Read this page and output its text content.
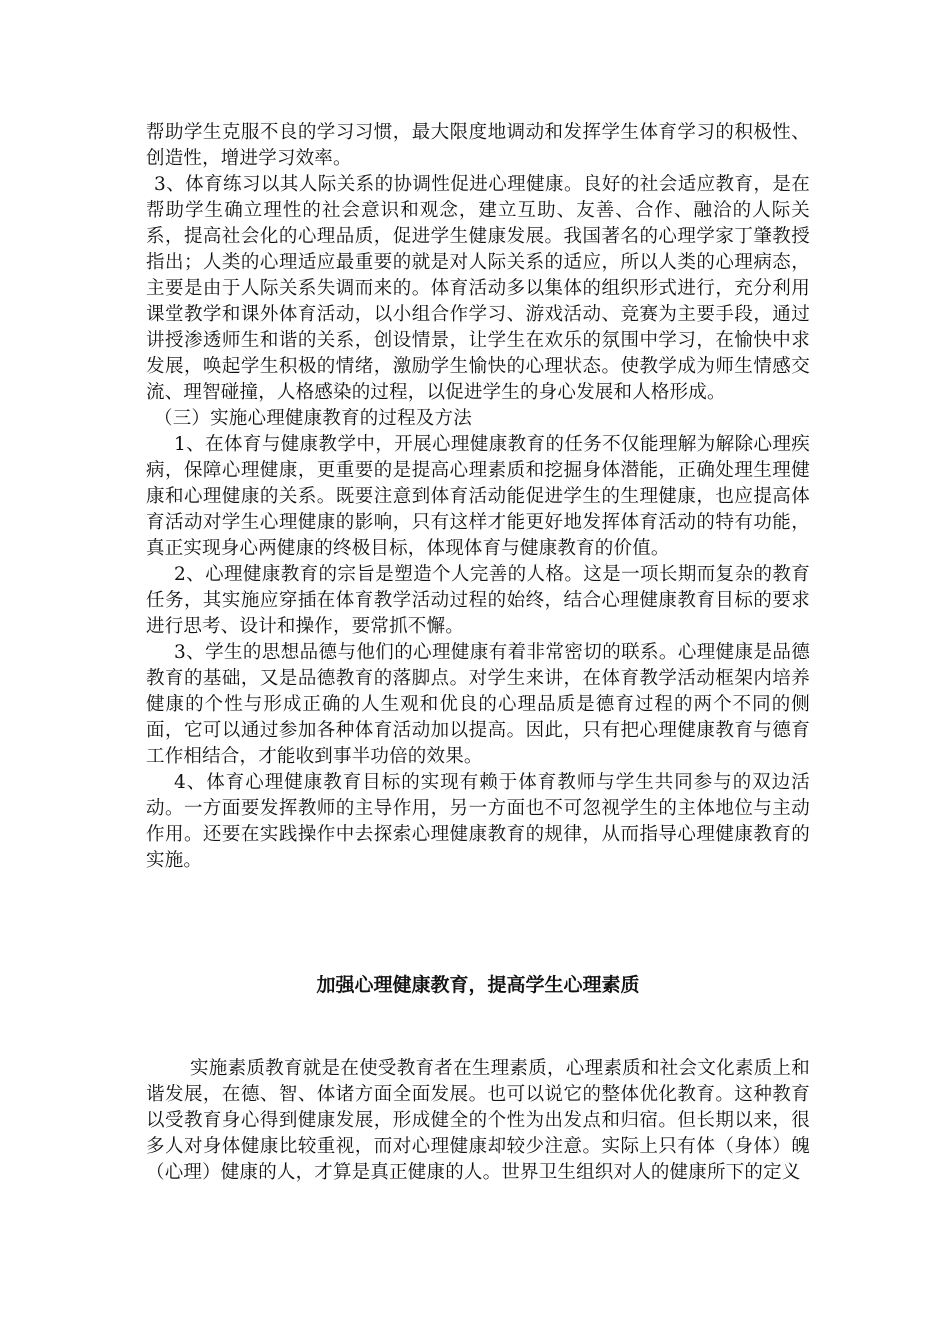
帮助学生克服不良的学习习惯，最大限度地调动和发挥学生体育学习的积极性、创造性，增进学习效率。

3、体育练习以其人际关系的协调性促进心理健康。良好的社会适应教育，是在帮助学生确立理性的社会意识和观念，建立互助、友善、合作、融洽的人际关系，提高社会化的心理品质，促进学生健康发展。我国著名的心理学家丁肇教授指出；人类的心理适应最重要的就是对人际关系的适应，所以人类的心理病态，主要是由于人际关系失调而来的。体育活动多以集体的组织形式进行，充分利用课堂教学和课外体育活动，以小组合作学习、游戏活动、竞赛为主要手段，通过讲授渗透师生和谐的关系，创设情景，让学生在欢乐的氛围中学习，在愉快中求发展，唤起学生积极的情绪，激励学生愉快的心理状态。使教学成为师生情感交流、理智碰撞，人格感染的过程，以促进学生的身心发展和人格形成。

（三）实施心理健康教育的过程及方法

1、在体育与健康教学中，开展心理健康教育的任务不仅能理解为解除心理疾病，保障心理健康，更重要的是提高心理素质和挖掘身体潜能，正确处理生理健康和心理健康的关系。既要注意到体育活动能促进学生的生理健康，也应提高体育活动对学生心理健康的影响，只有这样才能更好地发挥体育活动的特有功能，真正实现身心两健康的终极目标，体现体育与健康教育的价值。

2、心理健康教育的宗旨是塑造个人完善的人格。这是一项长期而复杂的教育任务，其实施应穿插在体育教学活动过程的始终，结合心理健康教育目标的要求进行思考、设计和操作，要常抓不懈。

3、学生的思想品德与他们的心理健康有着非常密切的联系。心理健康是品德教育的基础，又是品德教育的落脚点。对学生来讲，在体育教学活动框架内培养健康的个性与形成正确的人生观和优良的心理品质是德育过程的两个不同的侧面，它可以通过参加各种体育活动加以提高。因此，只有把心理健康教育与德育工作相结合，才能收到事半功倍的效果。

4、体育心理健康教育目标的实现有赖于体育教师与学生共同参与的双边活动。一方面要发挥教师的主导作用，另一方面也不可忽视学生的主体地位与主动作用。还要在实践操作中去探索心理健康教育的规律，从而指导心理健康教育的实施。

加强心理健康教育，提高学生心理素质

实施素质教育就是在使受教育者在生理素质，心理素质和社会文化素质上和谐发展，在德、智、体诸方面全面发展。也可以说它的整体优化教育。这种教育以受教育身心得到健康发展，形成健全的个性为出发点和归宿。但长期以来，很多人对身体健康比较重视，而对心理健康却较少注意。实际上只有体（身体）魄（心理）健康的人，才算是真正健康的人。世界卫生组织对人的健康所下的定义
